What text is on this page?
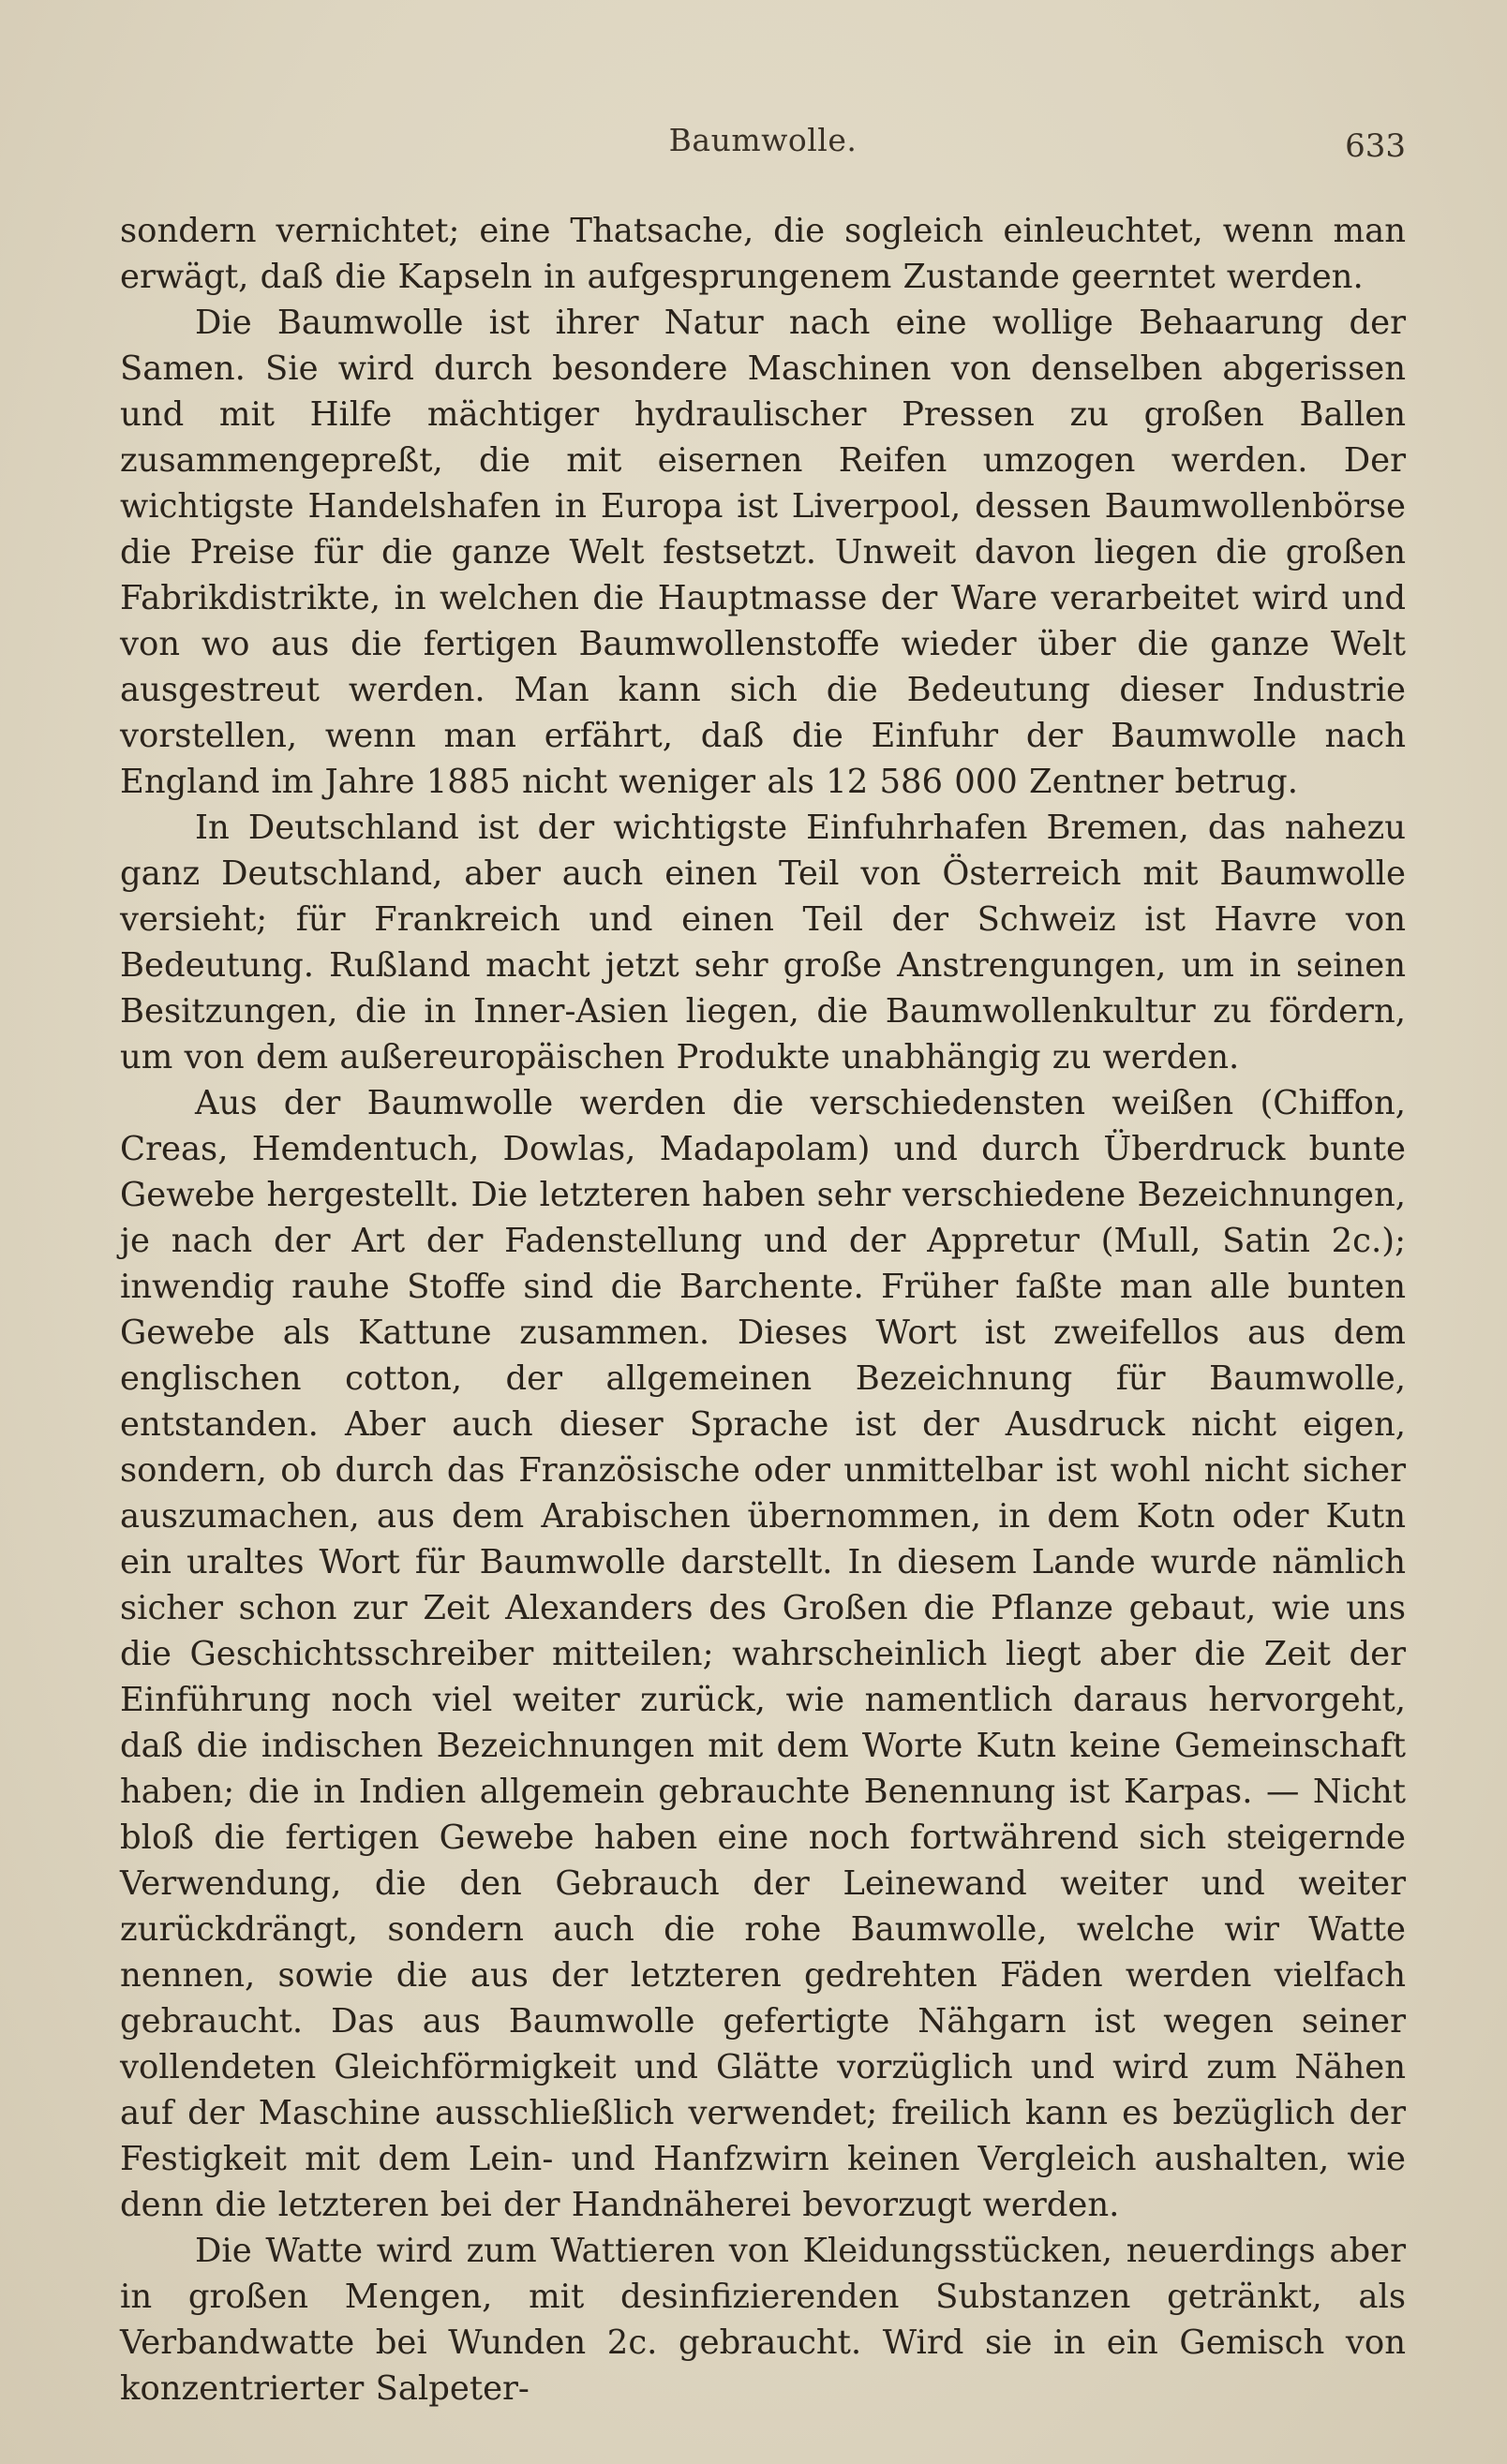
Baumwolle.	633

sondern vernichtet; eine Thatsache, die sogleich einleuchtet, wenn man erwägt, daß die Kapseln in aufgesprungenem Zustande geerntet werden.

Die Baumwolle ist ihrer Natur nach eine wollige Behaarung der Samen. Sie wird durch besondere Maschinen von denselben abgerissen und mit Hilfe mächtiger hydraulischer Pressen zu großen Ballen zusammengepreßt, die mit eisernen Reifen umzogen werden. Der wichtigste Handelshafen in Europa ist Liverpool, dessen Baumwollenbörse die Preise für die ganze Welt festsetzt. Unweit davon liegen die großen Fabrikdistrikte, in welchen die Hauptmasse der Ware verarbeitet wird und von wo aus die fertigen Baumwollenstoffe wieder über die ganze Welt ausgestreut werden. Man kann sich die Bedeutung dieser Industrie vorstellen, wenn man erfährt, daß die Einfuhr der Baumwolle nach England im Jahre 1885 nicht weniger als 12 586 000 Zentner betrug.

In Deutschland ist der wichtigste Einfuhrhafen Bremen, das nahezu ganz Deutschland, aber auch einen Teil von Österreich mit Baumwolle versieht; für Frankreich und einen Teil der Schweiz ist Havre von Bedeutung. Rußland macht jetzt sehr große Anstrengungen, um in seinen Besitzungen, die in Inner-Asien liegen, die Baumwollenkultur zu fördern, um von dem außereuropäischen Produkte unabhängig zu werden.

Aus der Baumwolle werden die verschiedensten weißen (Chiffon, Creas, Hemdentuch, Dowlas, Madapolam) und durch Überdruck bunte Gewebe hergestellt. Die letzteren haben sehr verschiedene Bezeichnungen, je nach der Art der Fadenstellung und der Appretur (Mull, Satin 2c.); inwendig rauhe Stoffe sind die Barchente. Früher faßte man alle bunten Gewebe als Kattune zusammen. Dieses Wort ist zweifellos aus dem englischen cotton, der allgemeinen Bezeichnung für Baumwolle, entstanden. Aber auch dieser Sprache ist der Ausdruck nicht eigen, sondern, ob durch das Französische oder unmittelbar ist wohl nicht sicher auszumachen, aus dem Arabischen übernommen, in dem Kotn oder Kutn ein uraltes Wort für Baumwolle darstellt. In diesem Lande wurde nämlich sicher schon zur Zeit Alexanders des Großen die Pflanze gebaut, wie uns die Geschichtsschreiber mitteilen; wahrscheinlich liegt aber die Zeit der Einführung noch viel weiter zurück, wie namentlich daraus hervorgeht, daß die indischen Bezeichnungen mit dem Worte Kutn keine Gemeinschaft haben; die in Indien allgemein gebrauchte Benennung ist Karpas. — Nicht bloß die fertigen Gewebe haben eine noch fortwährend sich steigernde Verwendung, die den Gebrauch der Leinewand weiter und weiter zurückdrängt, sondern auch die rohe Baumwolle, welche wir Watte nennen, sowie die aus der letzteren gedrehten Fäden werden vielfach gebraucht. Das aus Baumwolle gefertigte Nähgarn ist wegen seiner vollendeten Gleichförmigkeit und Glätte vorzüglich und wird zum Nähen auf der Maschine ausschließlich verwendet; freilich kann es bezüglich der Festigkeit mit dem Lein- und Hanfzwirn keinen Vergleich aushalten, wie denn die letzteren bei der Handnäherei bevorzugt werden.

Die Watte wird zum Wattieren von Kleidungsstücken, neuerdings aber in großen Mengen, mit desinfizierenden Substanzen getränkt, als Verbandwatte bei Wunden 2c. gebraucht. Wird sie in ein Gemisch von konzentrierter Salpeter-
